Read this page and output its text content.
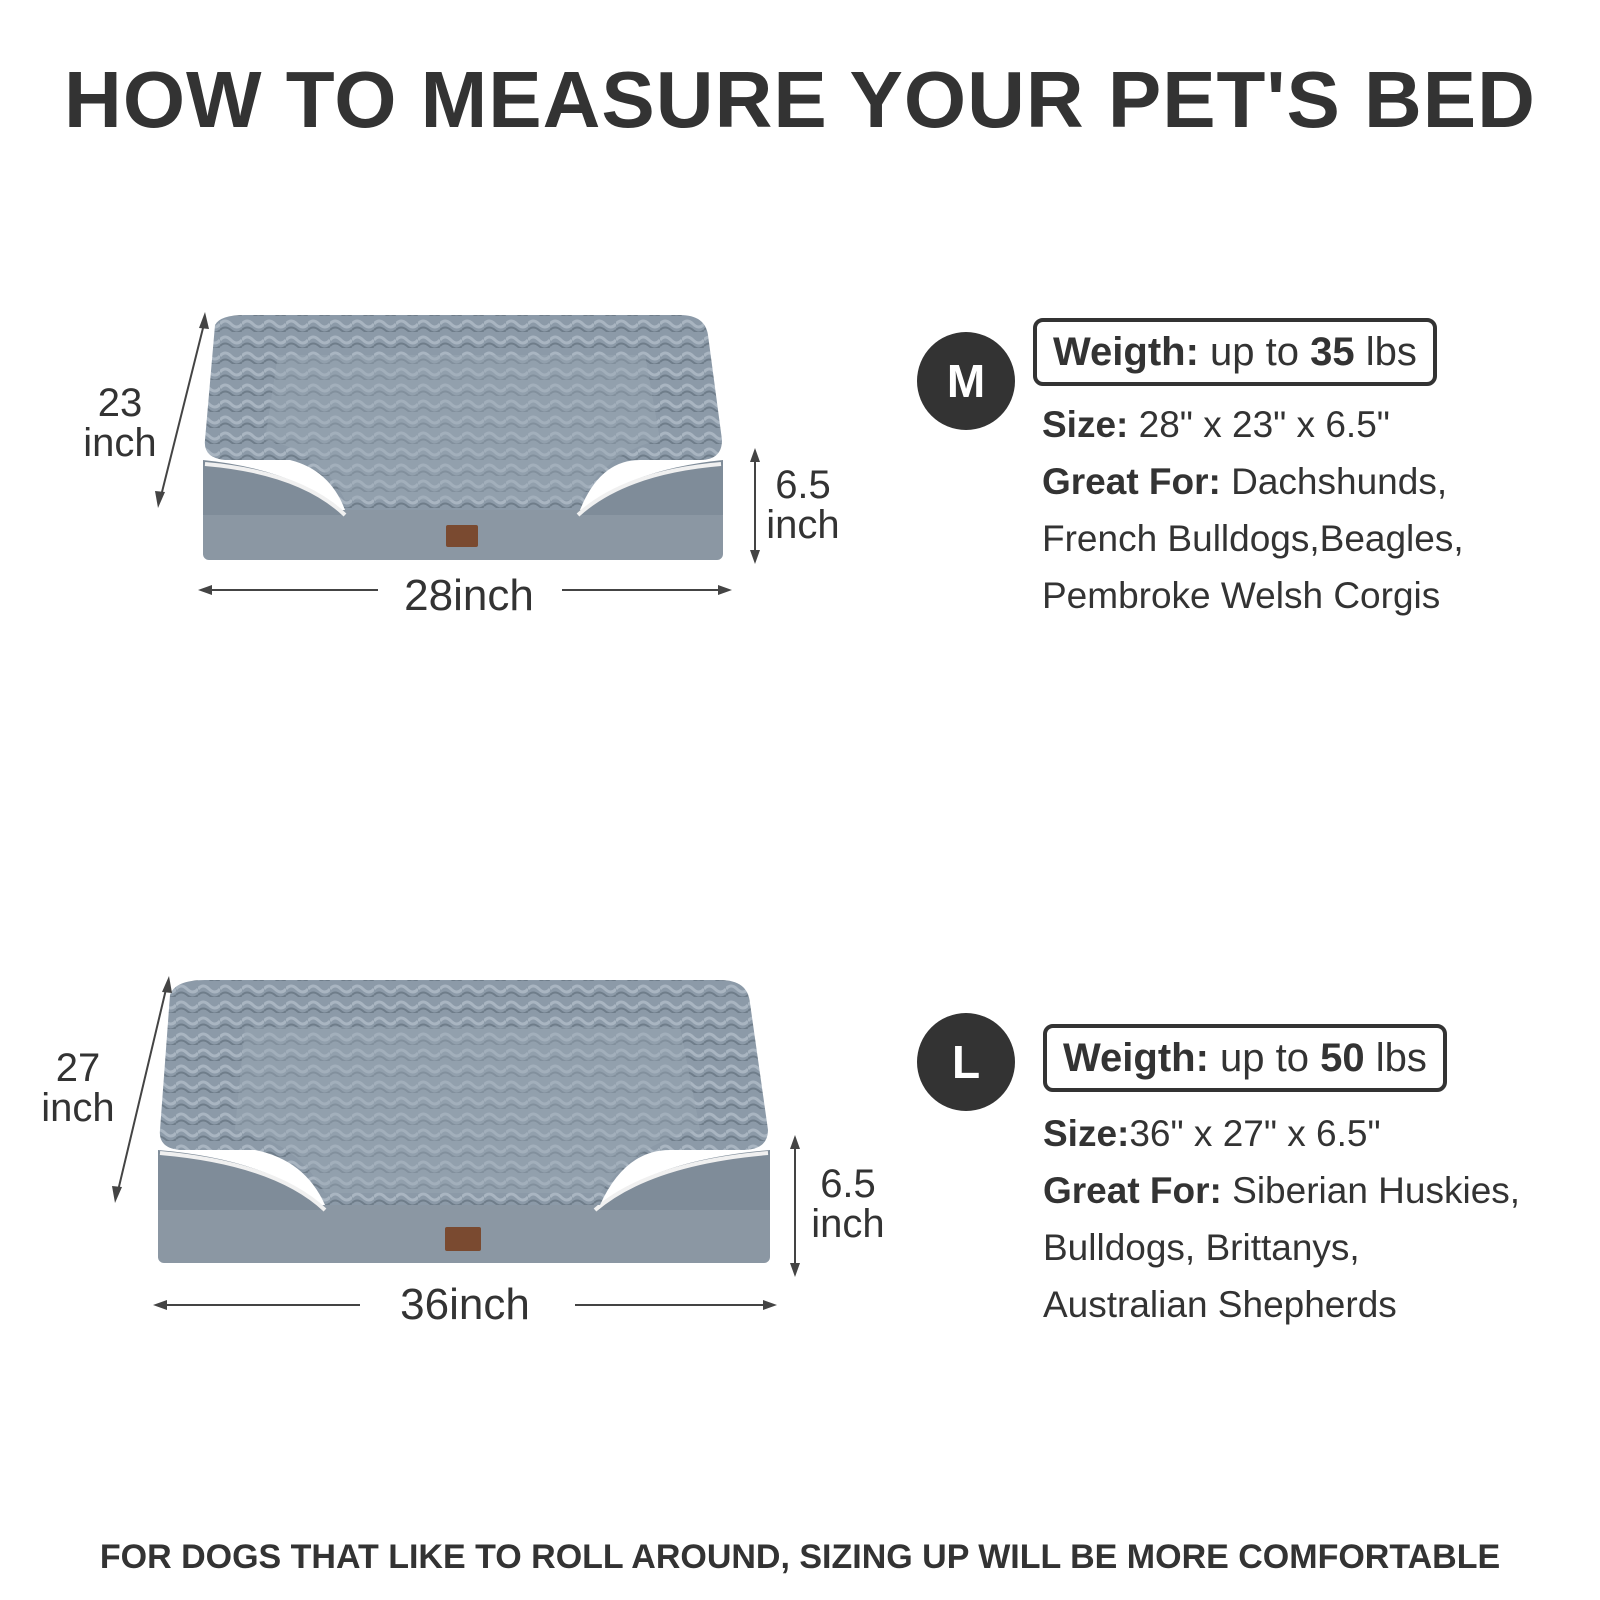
HOW TO MEASURE YOUR PET'S BED
23
inch
6.5
inch
28inch
M
Weigth: up to 35 lbs
Size: 28" x 23" x 6.5"
Great For: Dachshunds,
French Bulldogs,Beagles,
Pembroke Welsh Corgis
27
inch
6.5
inch
36inch
L	Weigth: up to 50 lbs
Size:36" x 27" x 6.5"
Great For: Siberian Huskies,
Bulldogs, Brittanys,
Australian Shepherds
FOR DOGS THAT LIKE TO ROLL AROUND, SIZING UP WILL BE MORE COMFORTABLE
